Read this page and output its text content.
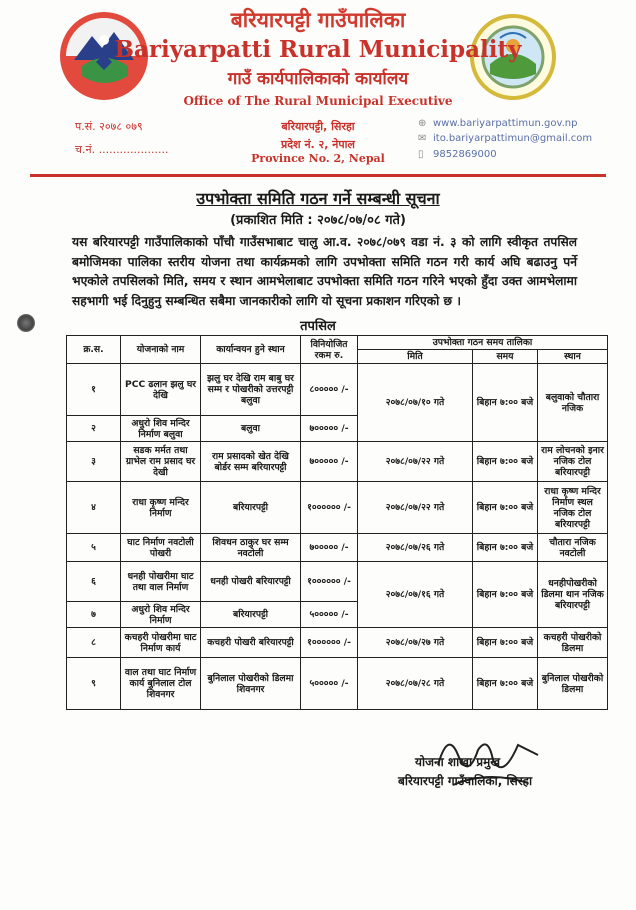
बरियारपट्टी गाउँपालिका
Bariyarpatti Rural Municipality
गाउँ कार्यपालिकाको कार्यालय
Office of The Rural Municipal Executive
बरियारपट्टी, सिरहा
प्रदेश नं. २, नेपाल
Province No. 2, Nepal
प.सं. २०७८ ०७९
च.नं. ....................
⊕ www.bariyarpattimun.gov.np
✉ ito.bariyarpattimun@gmail.com
▯ 9852869000
उपभोक्ता समिति गठन गर्ने सम्बन्धी सूचना
(प्रकाशित मिति : २०७८/०७/०८ गते)
यस बरियारपट्टी गाउँपालिकाको पाँचौ गाउँसभाबाट चालु आ.व. २०७८/०७९ वडा नं. ३ को लागि स्वीकृत तपसिल बमोजिमका पालिका स्तरीय योजना तथा कार्यक्रमको लागि उपभोक्ता समिति गठन गरी कार्य अघि बढाउनु पर्ने भएकोले तपसिलको मिति, समय र स्थान आमभेलाबाट उपभोक्ता समिति गठन गरिने भएको हुँदा उक्त आमभेलामा सहभागी भई दिनुहुनु सम्बन्धित सबैमा जानकारीको लागि यो सूचना प्रकाशन गरिएको छ ।
तपसिल
क्र.स.	योजनाको नाम	कार्यान्वयन हुने स्थान	विनियोजित रकम रु.	उपभोक्ता गठन समय तालिका		
				मिति	समय	स्थान
१	PCC ढलान झलु घर देखि	झलु घर देखि राम बाबु घर सम्म र पोखरीको उत्तरपट्टी बलुवा	८००००० /-	२०७८/०७/१० गते	बिहान ७:०० बजे	बलुवाको चौतारा नजिक
२	अधुरो शिव मन्दिर निर्माण बलुवा	बलुवा	७००००० /-			
३	सडक मर्मत तथा ग्राभेल राम प्रसाद घर देखी	राम प्रसादको खेत देखि बोर्डर सम्म बरियारपट्टी	७००००० /-	२०७८/०७/२२ गते	बिहान ७:०० बजे	राम लोचनको इनार नजिक टोल बरियारपट्टी
४	राधा कृष्ण मन्दिर निर्माण	बरियारपट्टी	१०००००० /-	२०७८/०७/२२ गते	बिहान ७:०० बजे	राधा कृष्ण मन्दिर निर्माण स्थल नजिक टोल बरियारपट्टी
५	घाट निर्माण नवटोली पोखरी	शिवधन ठाकुर घर सम्म नवटोली	७००००० /-	२०७८/०७/२६ गते	बिहान ७:०० बजे	चौतारा नजिक नवटोली
६	धनही पोखरीमा घाट तथा वाल निर्माण	धनही पोखरी बरियारपट्टी	१०००००० /-	२०७८/०७/१६ गते	बिहान ७:०० बजे	धनहीपोखरीको डिलमा थान नजिक बरियारपट्टी
७	अधुरो शिव मन्दिर निर्माण	बरियारपट्टी	५००००० /-			
८	कचहरी पोखरीमा घाट निर्माण कार्य	कचहरी पोखरी बरियारपट्टी	१०००००० /-	२०७८/०७/२७ गते	बिहान ७:०० बजे	कचहरी पोखरीको डिलमा
९	वाल तथा घाट निर्माण कार्य बुनिलाल टोल शिवनगर	बुनिलाल पोखरीको डिलमा शिवनगर	५००००० /-	२०७८/०७/२८ गते	बिहान ७:०० बजे	बुनिलाल पोखरीको डिलमा
योजना शाखा प्रमुख
बरियारपट्टी गाउँपालिका, सिरहा
